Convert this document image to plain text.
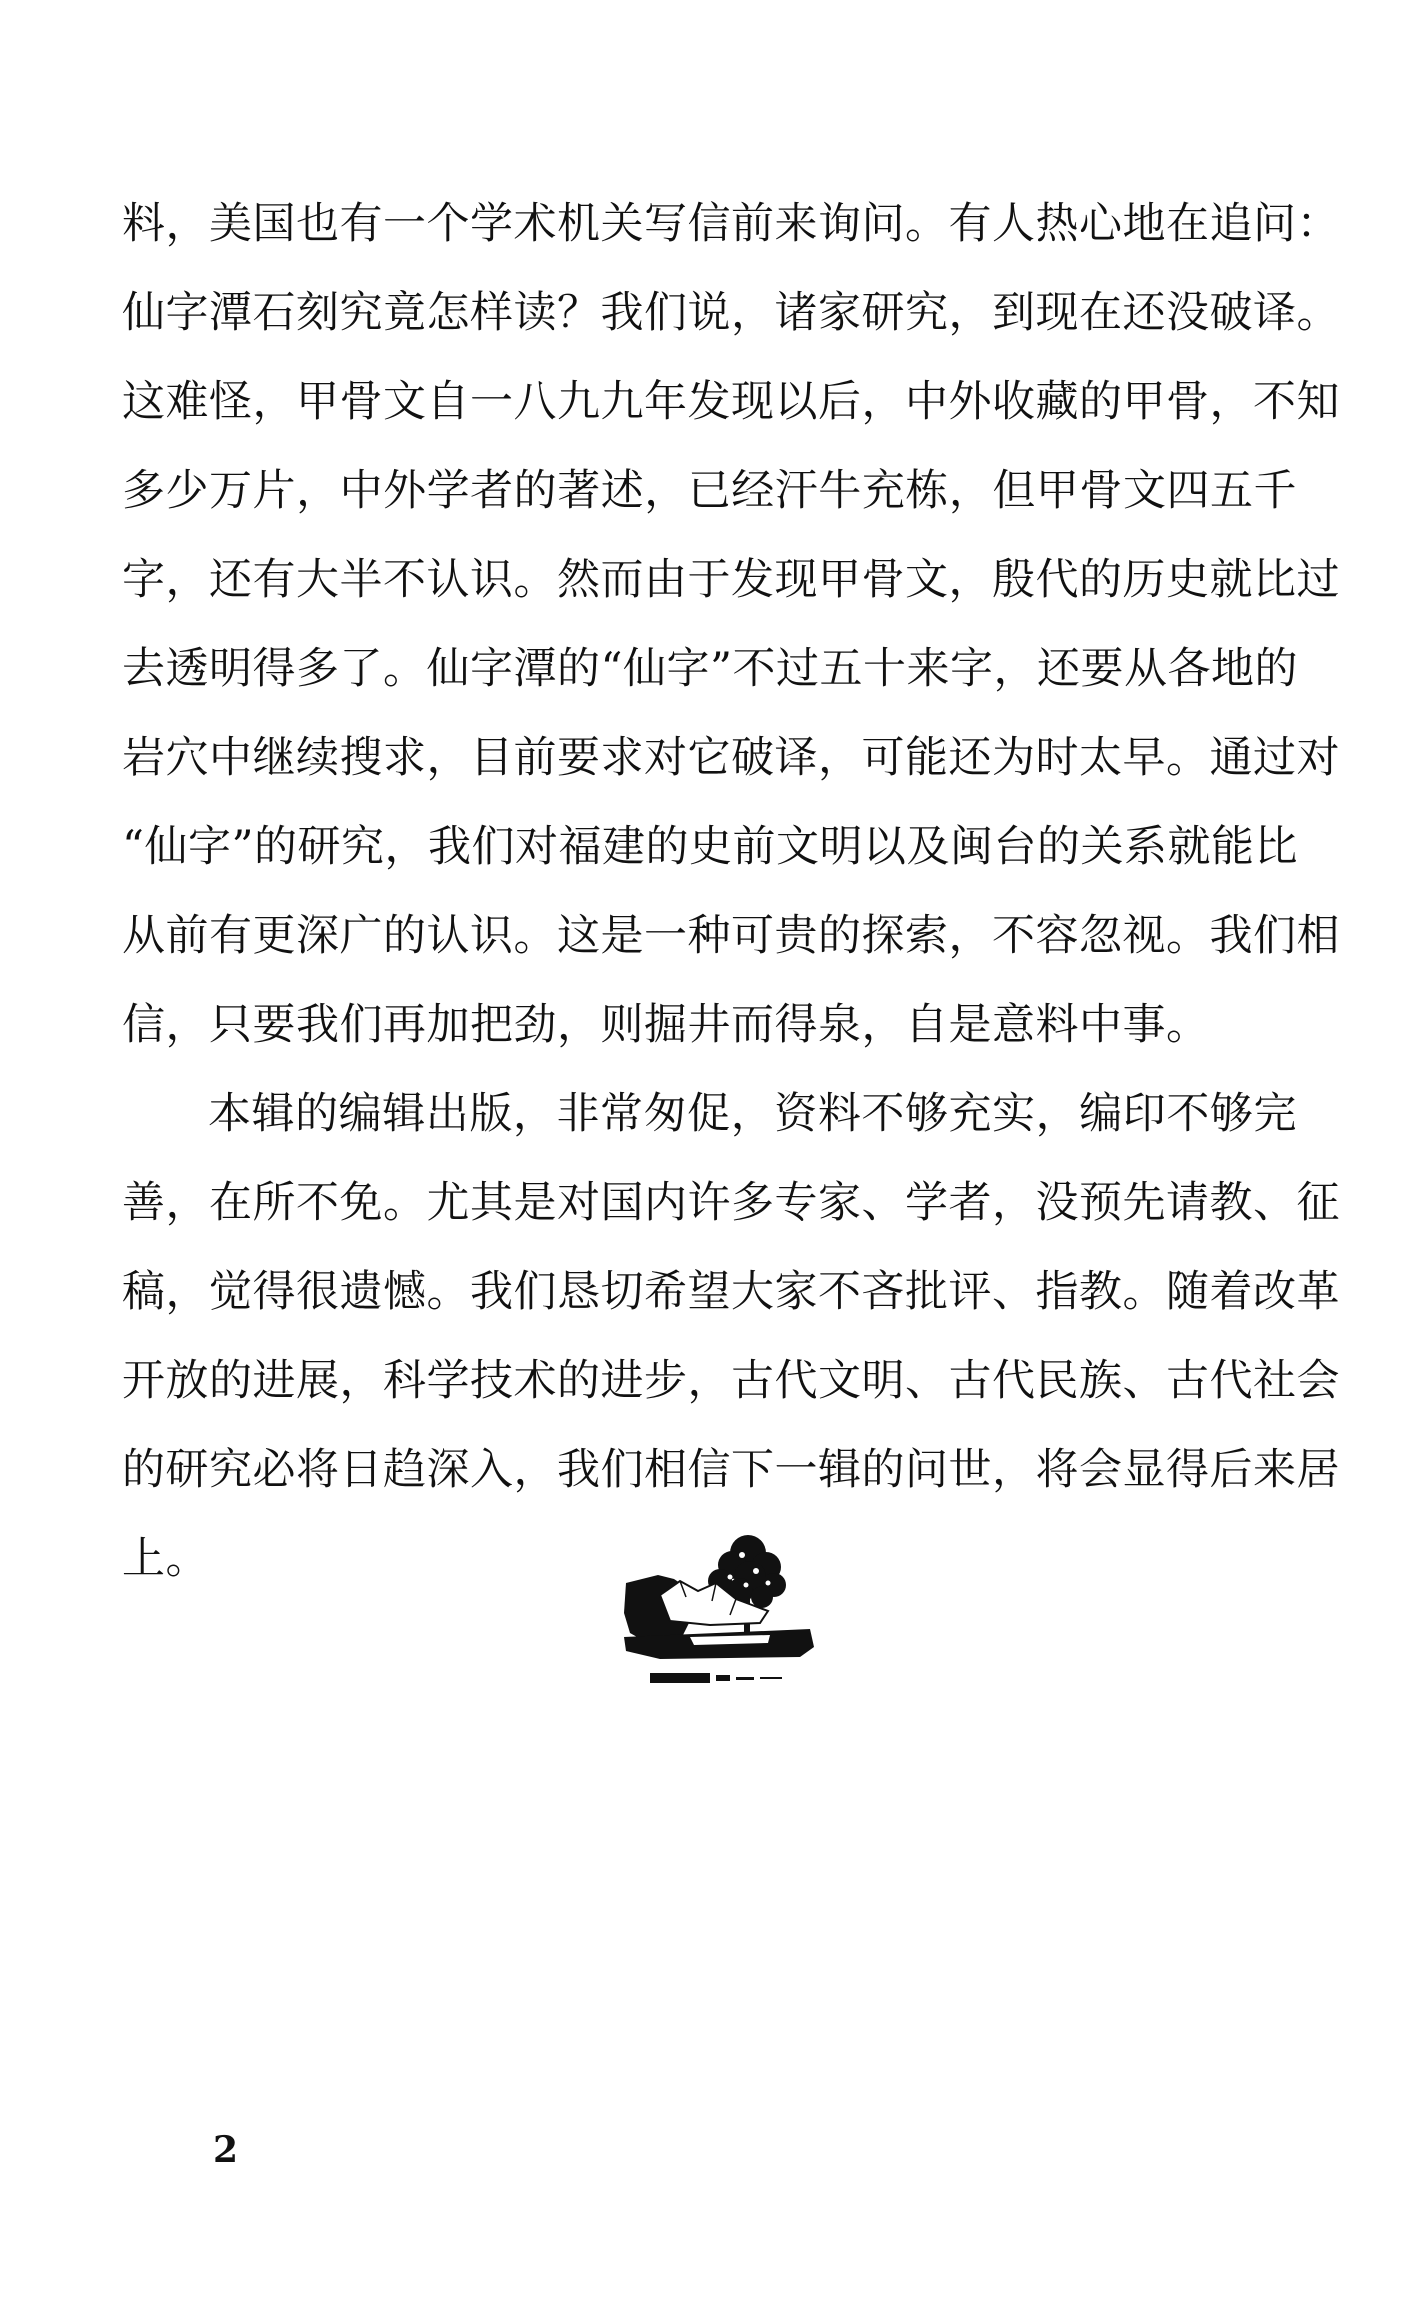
料，美国也有一个学术机关写信前来询问。有人热心地在追问：
仙字潭石刻究竟怎样读？我们说，诸家研究，到现在还没破译。
这难怪，甲骨文自一八九九年发现以后，中外收藏的甲骨，不知
多少万片，中外学者的著述，已经汗牛充栋，但甲骨文四五千
字，还有大半不认识。然而由于发现甲骨文，殷代的历史就比过
去透明得多了。仙字潭的“仙字”不过五十来字，还要从各地的
岩穴中继续搜求，目前要求对它破译，可能还为时太早。通过对
“仙字”的研究，我们对福建的史前文明以及闽台的关系就能比
从前有更深广的认识。这是一种可贵的探索，不容忽视。我们相
信，只要我们再加把劲，则掘井而得泉，自是意料中事。
本辑的编辑出版，非常匆促，资料不够充实，编印不够完
善，在所不免。尤其是对国内许多专家、学者，没预先请教、征
稿，觉得很遗憾。我们恳切希望大家不吝批评、指教。随着改革
开放的进展，科学技术的进步，古代文明、古代民族、古代社会
的研究必将日趋深入，我们相信下一辑的问世，将会显得后来居
上。
2
